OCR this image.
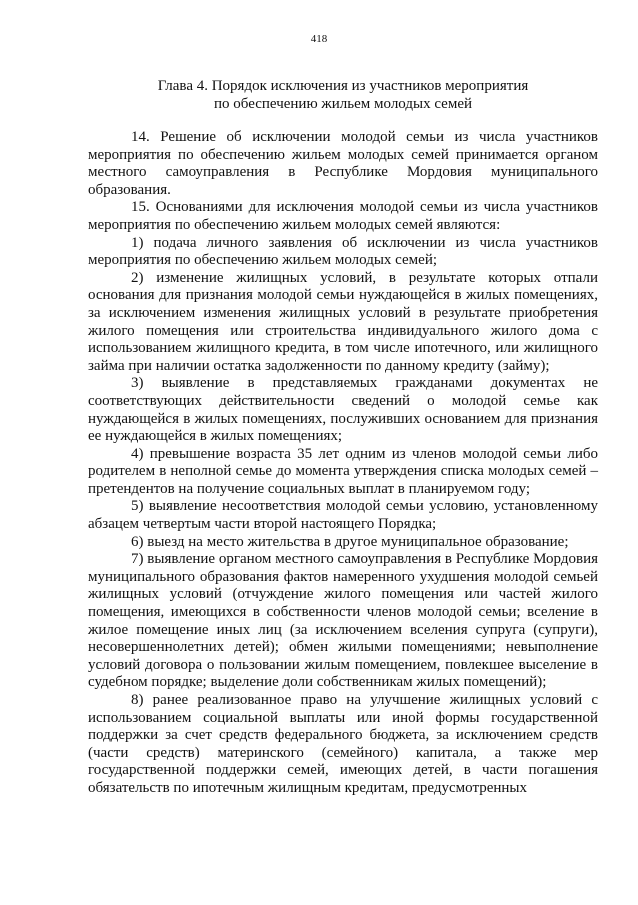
418
Глава 4. Порядок исключения из участников мероприятия
по обеспечению жильем молодых семей

14. Решение об исключении молодой семьи из числа участников мероприятия по обеспечению жильем молодых семей принимается органом местного самоуправления в Республике Мордовия муниципального образования.

15. Основаниями для исключения молодой семьи из числа участников мероприятия по обеспечению жильем молодых семей являются:

1) подача личного заявления об исключении из числа участников мероприятия по обеспечению жильем молодых семей;

2) изменение жилищных условий, в результате которых отпали основания для признания молодой семьи нуждающейся в жилых помещениях, за исключением изменения жилищных условий в результате приобретения жилого помещения или строительства индивидуального жилого дома с использованием жилищного кредита, в том числе ипотечного, или жилищного займа при наличии остатка задолженности по данному кредиту (займу);

3) выявление в представляемых гражданами документах не соответствующих действительности сведений о молодой семье как нуждающейся в жилых помещениях, послуживших основанием для признания ее нуждающейся в жилых помещениях;

4) превышение возраста 35 лет одним из членов молодой семьи либо родителем в неполной семье до момента утверждения списка молодых семей – претендентов на получение социальных выплат в планируемом году;

5) выявление несоответствия молодой семьи условию, установленному абзацем четвертым части второй настоящего Порядка;

6) выезд на место жительства в другое муниципальное образование;

7) выявление органом местного самоуправления в Республике Мордовия муниципального образования фактов намеренного ухудшения молодой семьей жилищных условий (отчуждение жилого помещения или частей жилого помещения, имеющихся в собственности членов молодой семьи; вселение в жилое помещение иных лиц (за исключением вселения супруга (супруги), несовершеннолетних детей); обмен жилыми помещениями; невыполнение условий договора о пользовании жилым помещением, повлекшее выселение в судебном порядке; выделение доли собственникам жилых помещений);

8) ранее реализованное право на улучшение жилищных условий с использованием социальной выплаты или иной формы государственной поддержки за счет средств федерального бюджета, за исключением средств (части средств) материнского (семейного) капитала, а также мер государственной поддержки семей, имеющих детей, в части погашения обязательств по ипотечным жилищным кредитам, предусмотренных
